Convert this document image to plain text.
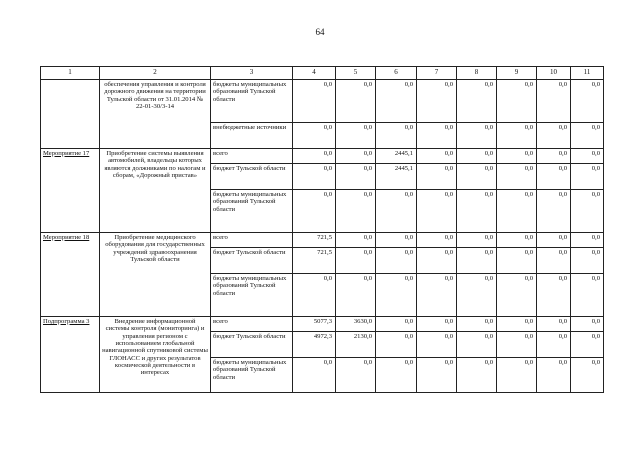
64
1	2	3	4	5	6	7	8	9	10	11
	обеспечения управления и контроля дорожного движения на территории Тульской области от 31.01.2014 № 22-01-30/3-14	бюджеты муниципальных образований Тульской области	0,0	0,0	0,0	0,0	0,0	0,0	0,0	0,0
		внебюджетные источники	0,0	0,0	0,0	0,0	0,0	0,0	0,0	0,0
Мероприятие 17	Приобретение системы выявления автомобилей, владельцы которых являются должниками по налогам и сборам, «Дорожный пристав»	всего	0,0	0,0	2445,1	0,0	0,0	0,0	0,0	0,0
		бюджет Тульской области	0,0	0,0	2445,1	0,0	0,0	0,0	0,0	0,0
		бюджеты муниципальных образований Тульской области	0,0	0,0	0,0	0,0	0,0	0,0	0,0	0,0
Мероприятие 18	Приобретение медицинского оборудования для государственных учреждений здравоохранения Тульской области	всего	721,5	0,0	0,0	0,0	0,0	0,0	0,0	0,0
		бюджет Тульской области	721,5	0,0	0,0	0,0	0,0	0,0	0,0	0,0
		бюджеты муниципальных образований Тульской области	0,0	0,0	0,0	0,0	0,0	0,0	0,0	0,0
Подпрограмма 3	Внедрение информационной системы контроля (мониторинга) и управления регионом с использованием глобальной навигационной спутниковой системы ГЛОНАСС и других результатов космической деятельности в интересах	всего	5077,3	3630,0	0,0	0,0	0,0	0,0	0,0	0,0
		бюджет Тульской области	4972,3	2130,0	0,0	0,0	0,0	0,0	0,0	0,0
		бюджеты муниципальных образований Тульской области	0,0	0,0	0,0	0,0	0,0	0,0	0,0	0,0
